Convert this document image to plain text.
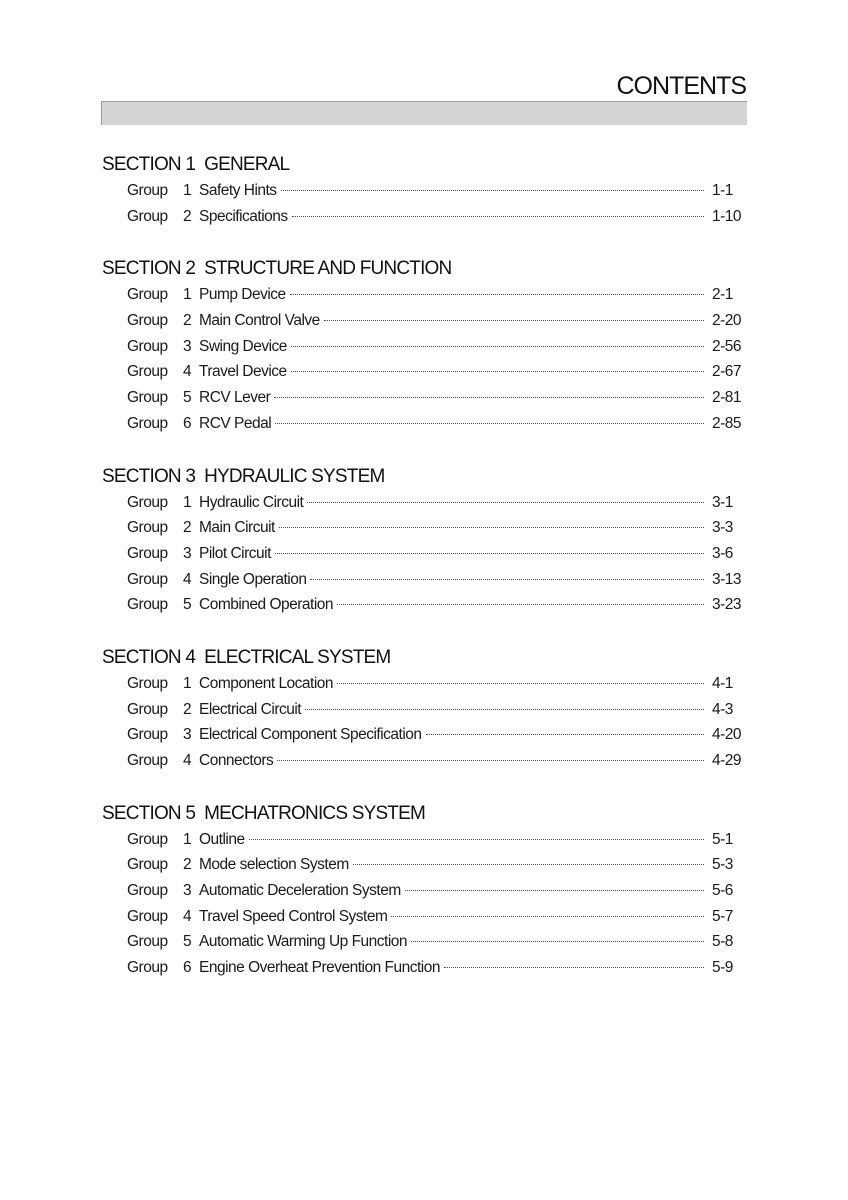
CONTENTS
SECTION 1 GENERAL
Group 1 Safety Hints	1-1
Group 2 Specifications	1-10
SECTION 2 STRUCTURE AND FUNCTION
Group 1 Pump Device	2-1
Group 2 Main Control Valve	2-20
Group 3 Swing Device	2-56
Group 4 Travel Device	2-67
Group 5 RCV Lever	2-81
Group 6 RCV Pedal	2-85
SECTION 3 HYDRAULIC SYSTEM
Group 1 Hydraulic Circuit	3-1
Group 2 Main Circuit	3-3
Group 3 Pilot Circuit	3-6
Group 4 Single Operation	3-13
Group 5 Combined Operation	3-23
SECTION 4 ELECTRICAL SYSTEM
Group 1 Component Location	4-1
Group 2 Electrical Circuit	4-3
Group 3 Electrical Component Specification	4-20
Group 4 Connectors	4-29
SECTION 5 MECHATRONICS SYSTEM
Group 1 Outline	5-1
Group 2 Mode selection System	5-3
Group 3 Automatic Deceleration System	5-6
Group 4 Travel Speed Control System	5-7
Group 5 Automatic Warming Up Function	5-8
Group 6 Engine Overheat Prevention Function	5-9
